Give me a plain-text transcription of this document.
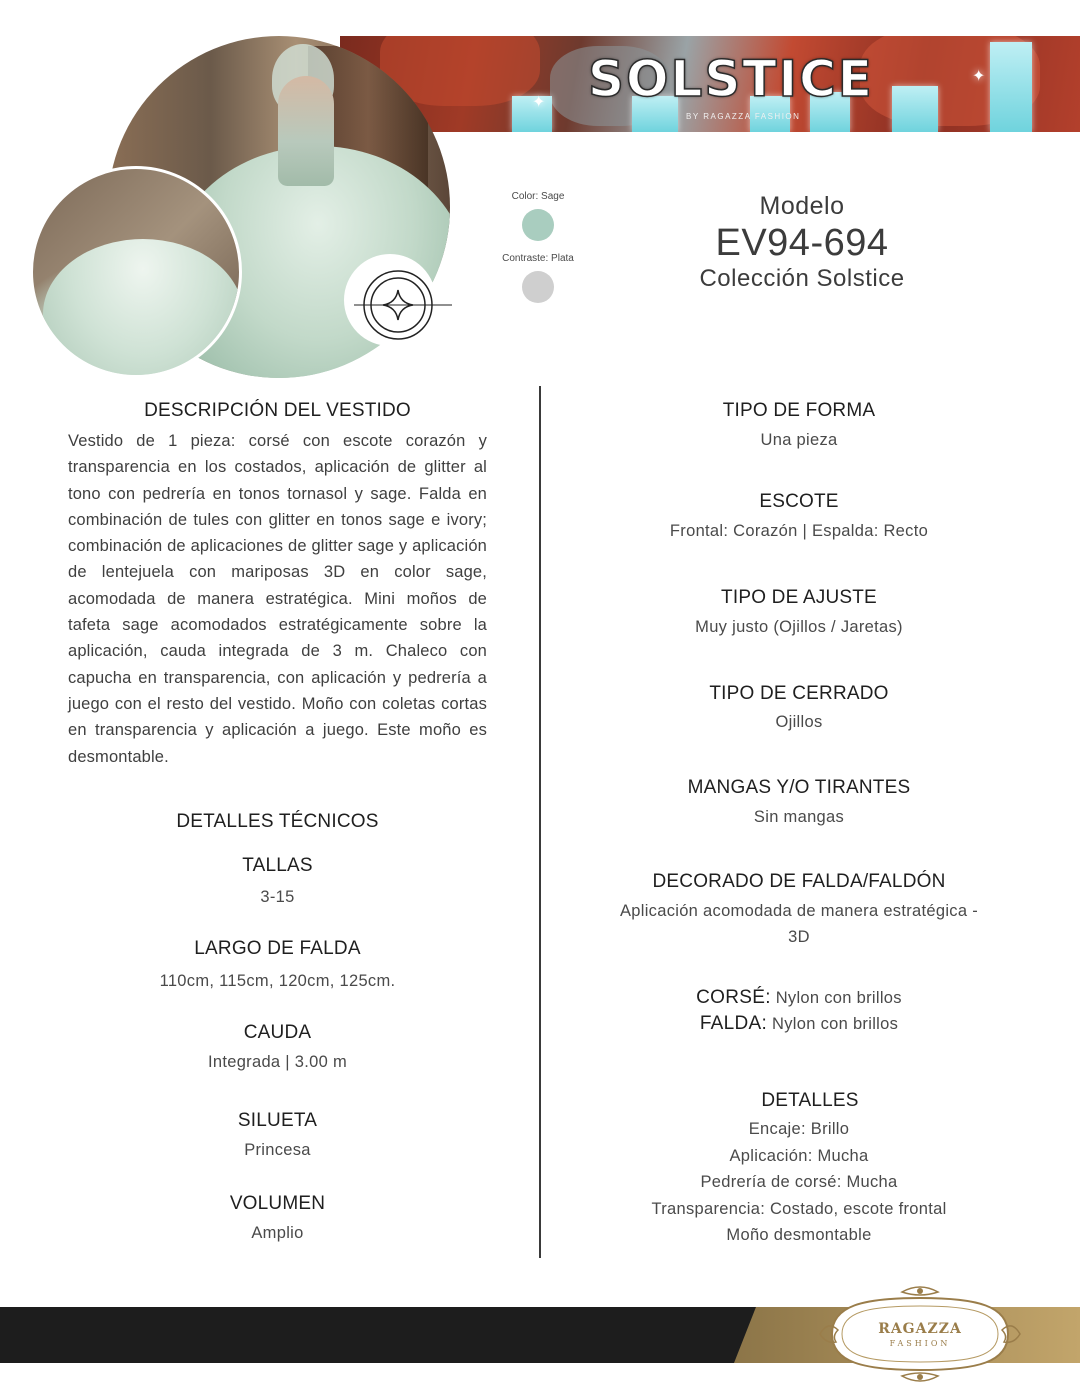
✦
✦
SOLSTICE
BY RAGAZZA FASHION
Color: Sage
Contraste: Plata
Modelo
EV94-694
Colección Solstice
DESCRIPCIÓN DEL VESTIDO
Vestido de 1 pieza: corsé con escote corazón y transparencia en los costados, aplicación de glitter al tono con pedrería en tonos tornasol y sage. Falda en combinación de tules con glitter en tonos sage e ivory; combinación de aplicaciones de glitter sage y aplicación de lentejuela con mariposas 3D en color sage, acomodada de manera estratégica. Mini moños de tafeta sage acomodados estratégicamente sobre la aplicación, cauda integrada de 3 m. Chaleco con capucha en transparencia, con aplicación y pedrería a juego con el resto del vestido. Moño con coletas cortas en transparencia y aplicación a juego. Este moño es desmontable.
DETALLES TÉCNICOS
TALLAS
3-15
LARGO DE FALDA
110cm, 115cm, 120cm, 125cm.
CAUDA
Integrada | 3.00 m
SILUETA
Princesa
VOLUMEN
Amplio
TIPO DE FORMA
Una pieza
ESCOTE
Frontal: Corazón | Espalda: Recto
TIPO DE AJUSTE
Muy justo (Ojillos / Jaretas)
TIPO DE CERRADO
Ojillos
MANGAS Y/O TIRANTES
Sin mangas
DECORADO DE FALDA/FALDÓN
Aplicación acomodada de manera estratégica -
3D
CORSÉ: Nylon con brillos
FALDA: Nylon con brillos
DETALLES
Encaje: Brillo
Aplicación: Mucha
Pedrería de corsé: Mucha
Transparencia: Costado, escote frontal
Moño desmontable
RAGAZZA
FASHION
